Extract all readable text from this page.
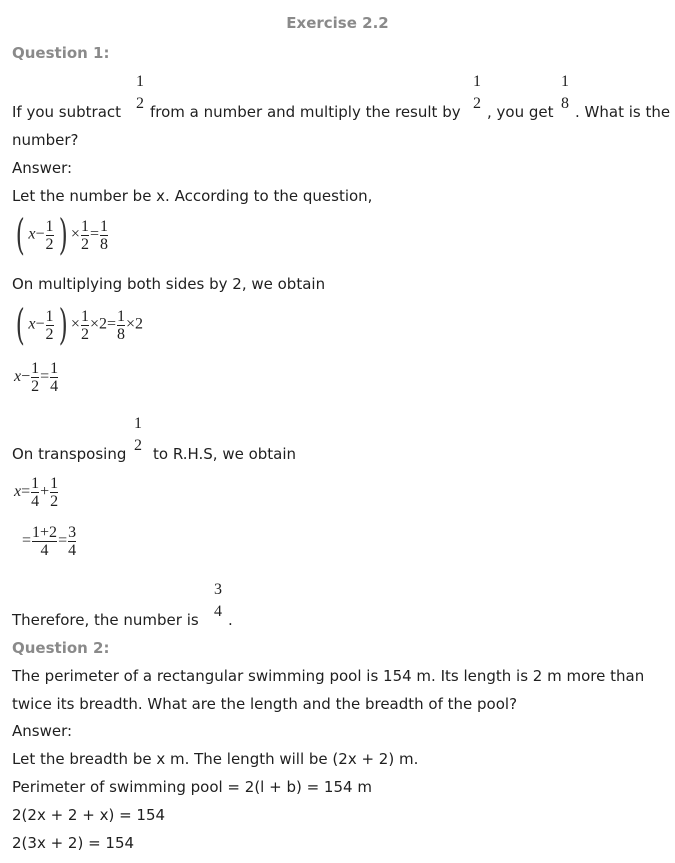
Exercise 2.2
Question 1:
If you subtract
1
2 from a number and multiply the result by
1
2 , you get
1
8 . What is the
number?
Answer:
Let the number be x. According to the question,
( $x- \frac{1}{2}$ ) × $\frac{1}{2} = \frac{1}{8}$
On multiplying both sides by 2, we obtain
( $x- \frac{1}{2}$ ) × $\frac{1}{2} \times 2= \frac{1}{8} \times 2$
$x- \frac{1}{2} = \frac{1}{4}$
On transposing
1
2 to R.H.S, we obtain
$x= \frac{1}{4} + \frac{1}{2}$
= $\frac{1+2}{4} = \frac{3}{4}$
Therefore, the number is
3
4 .
Question 2:
The perimeter of a rectangular swimming pool is 154 m. Its length is 2 m more than
twice its breadth. What are the length and the breadth of the pool?
Answer:
Let the breadth be x m. The length will be (2x + 2) m.
Perimeter of swimming pool = 2(l + b) = 154 m
2(2x + 2 + x) = 154
2(3x + 2) = 154
